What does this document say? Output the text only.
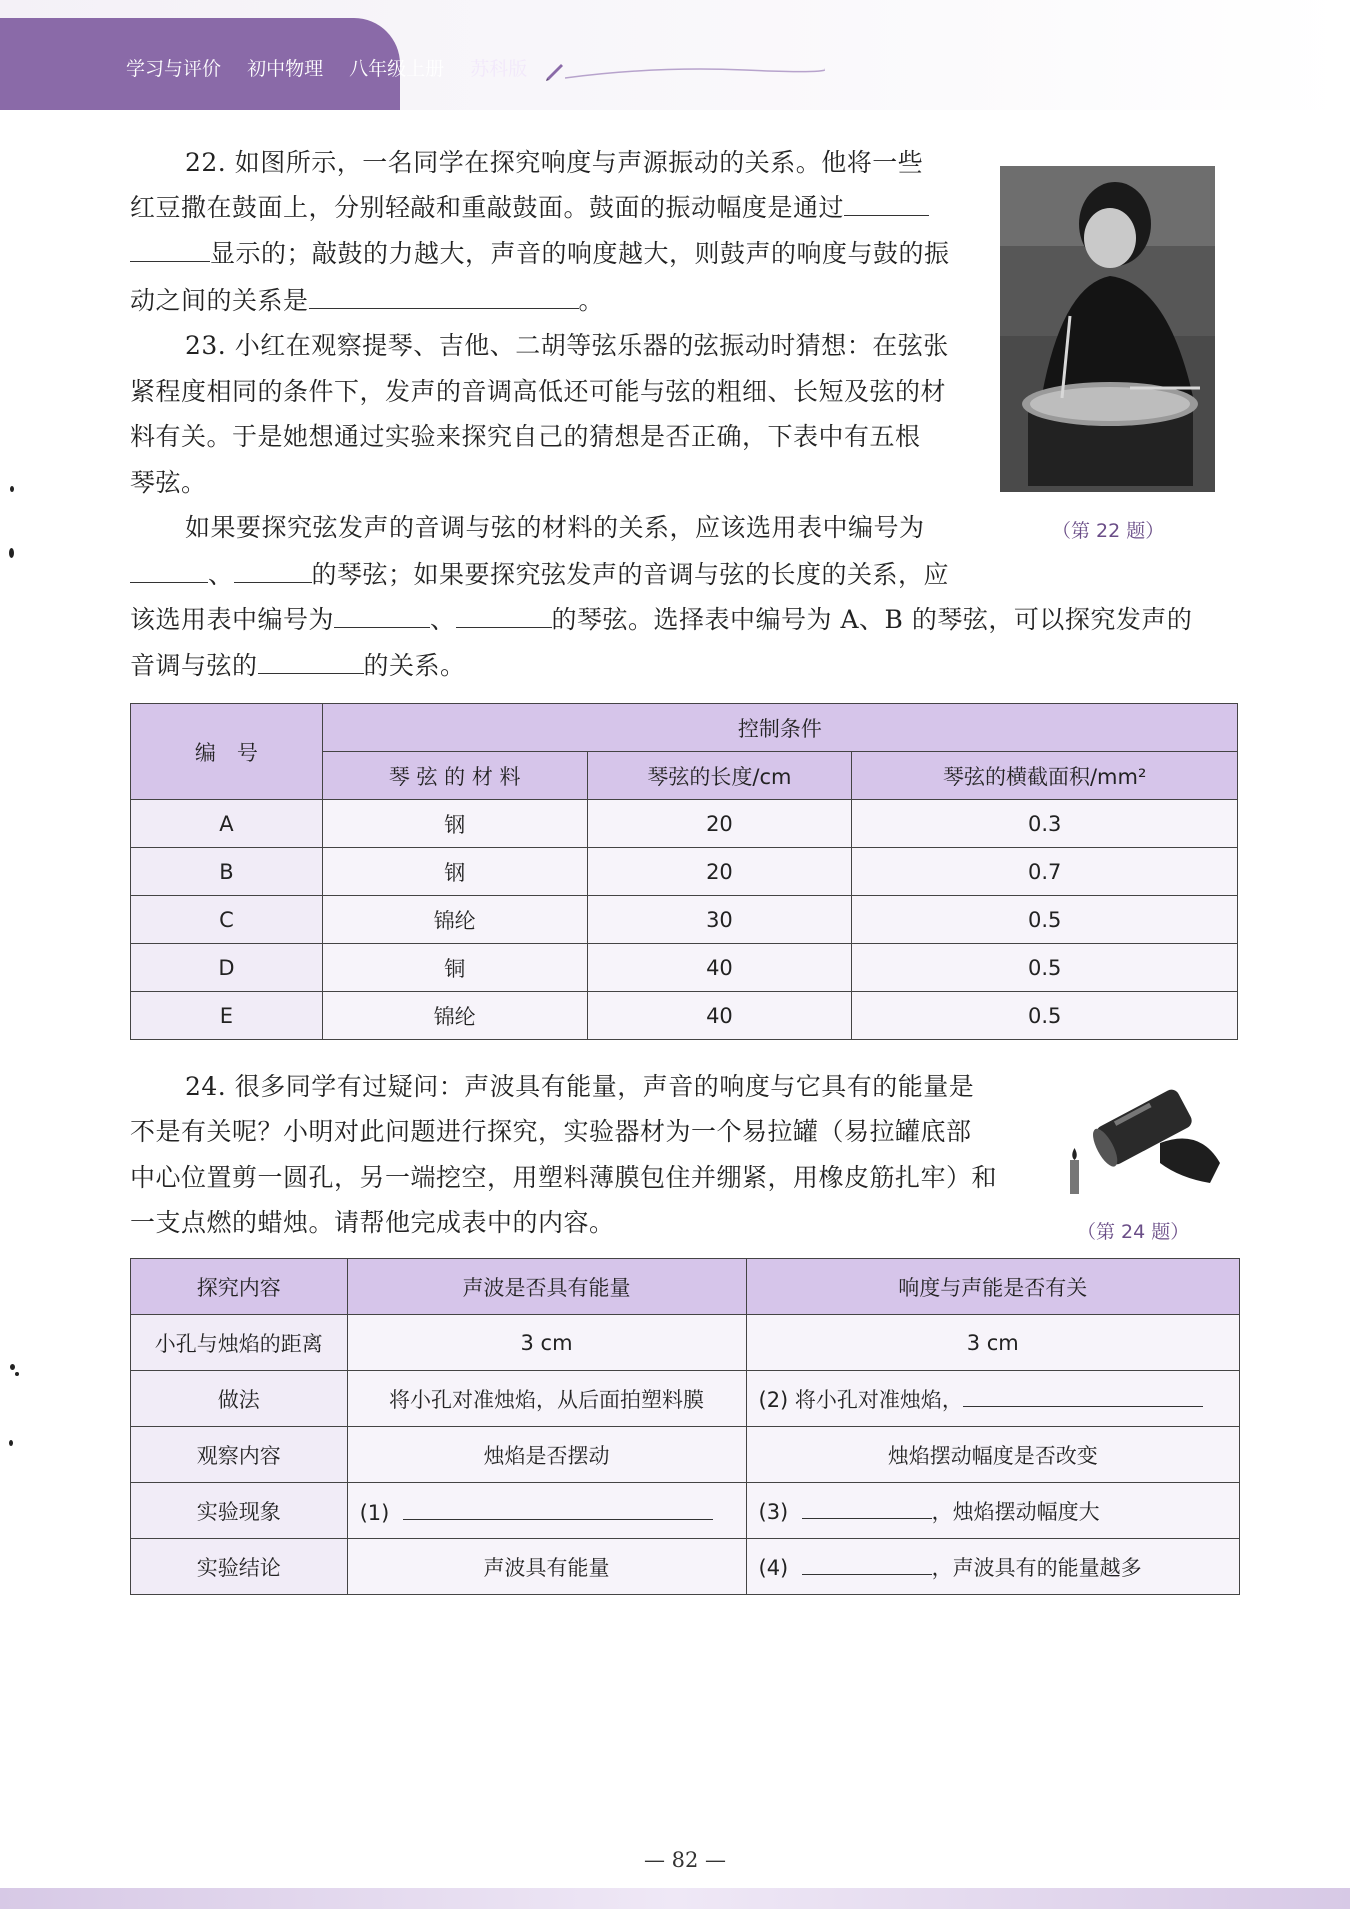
学习与评价 初中物理 八年级上册 苏科版

22. 如图所示，一名同学在探究响度与声源振动的关系。他将一些

红豆撒在鼓面上，分别轻敲和重敲鼓面。鼓面的振动幅度是通过

显示的；敲鼓的力越大，声音的响度越大，则鼓声的响度与鼓的振

动之间的关系是	。

（第 22 题）

23. 小红在观察提琴、吉他、二胡等弦乐器的弦振动时猜想：在弦张

紧程度相同的条件下，发声的音调高低还可能与弦的粗细、长短及弦的材

料有关。于是她想通过实验来探究自己的猜想是否正确，下表中有五根

琴弦。

如果要探究弦发声的音调与弦的材料的关系，应该选用表中编号为

、	的琴弦；如果要探究弦发声的音调与弦的长度的关系，应

该选用表中编号为	、	的琴弦。选择表中编号为 A、B 的琴弦，可以探究发声的

音调与弦的	的关系。

编　号	控制条件		
	琴 弦 的 材 料	琴弦的长度/cm	琴弦的横截面积/mm²
A	钢	20	0.3
B	钢	20	0.7
C	锦纶	30	0.5
D	铜	40	0.5
E	锦纶	40	0.5

24. 很多同学有过疑问：声波具有能量，声音的响度与它具有的能量是

不是有关呢？小明对此问题进行探究，实验器材为一个易拉罐（易拉罐底部

中心位置剪一圆孔，另一端挖空，用塑料薄膜包住并绷紧，用橡皮筋扎牢）和

一支点燃的蜡烛。请帮他完成表中的内容。	（第 24 题）
探究内容	声波是否具有能量	响度与声能是否有关
小孔与烛焰的距离	3 cm	3 cm
做法	将小孔对准烛焰，从后面拍塑料膜	(2) 将小孔对准烛焰，
观察内容	烛焰是否摆动	烛焰摆动幅度是否改变
实验现象	(1)	(3) ，烛焰摆动幅度大
实验结论	声波具有能量	(4) ，声波具有的能量越多
— 82 —
